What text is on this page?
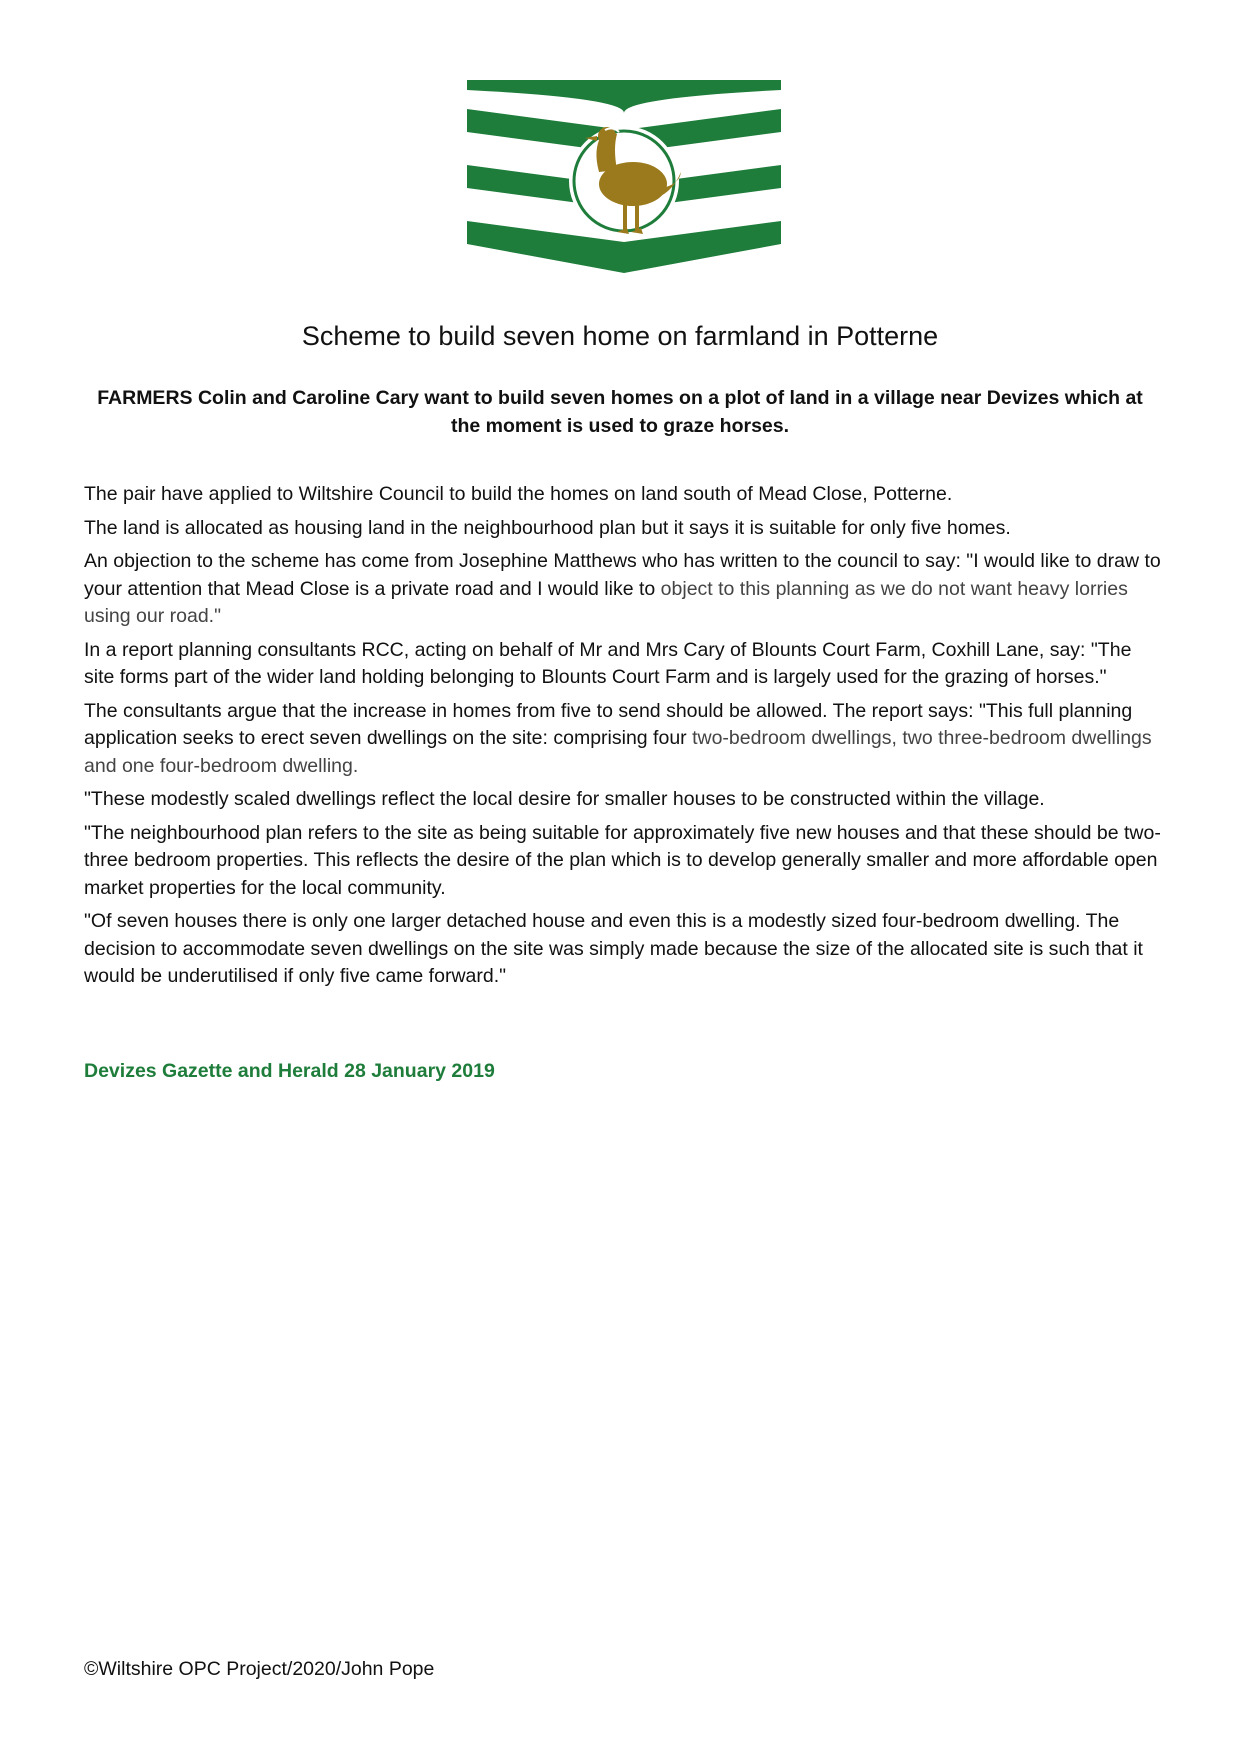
Scheme to build seven home on farmland in Potterne

FARMERS Colin and Caroline Cary want to build seven homes on a plot of land in a village near Devizes which at the moment is used to graze horses.

The pair have applied to Wiltshire Council to build the homes on land south of Mead Close, Potterne.

The land is allocated as housing land in the neighbourhood plan but it says it is suitable for only five homes.

An objection to the scheme has come from Josephine Matthews who has written to the council to say: "I would like to draw to your attention that Mead Close is a private road and I would like to object to this planning as we do not want heavy lorries using our road."

In a report planning consultants RCC, acting on behalf of Mr and Mrs Cary of Blounts Court Farm, Coxhill Lane, say: "The site forms part of the wider land holding belonging to Blounts Court Farm and is largely used for the grazing of horses."

The consultants argue that the increase in homes from five to send should be allowed. The report says: "This full planning application seeks to erect seven dwellings on the site: comprising four two-bedroom dwellings, two three-bedroom dwellings and one four-bedroom dwelling.

"These modestly scaled dwellings reflect the local desire for smaller houses to be constructed within the village.

"The neighbourhood plan refers to the site as being suitable for approximately five new houses and that these should be two-three bedroom properties. This reflects the desire of the plan which is to develop generally smaller and more affordable open market properties for the local community.

"Of seven houses there is only one larger detached house and even this is a modestly sized four-bedroom dwelling. The decision to accommodate seven dwellings on the site was simply made because the size of the allocated site is such that it would be underutilised if only five came forward."

Devizes Gazette and Herald 28 January 2019
©Wiltshire OPC Project/2020/John Pope
